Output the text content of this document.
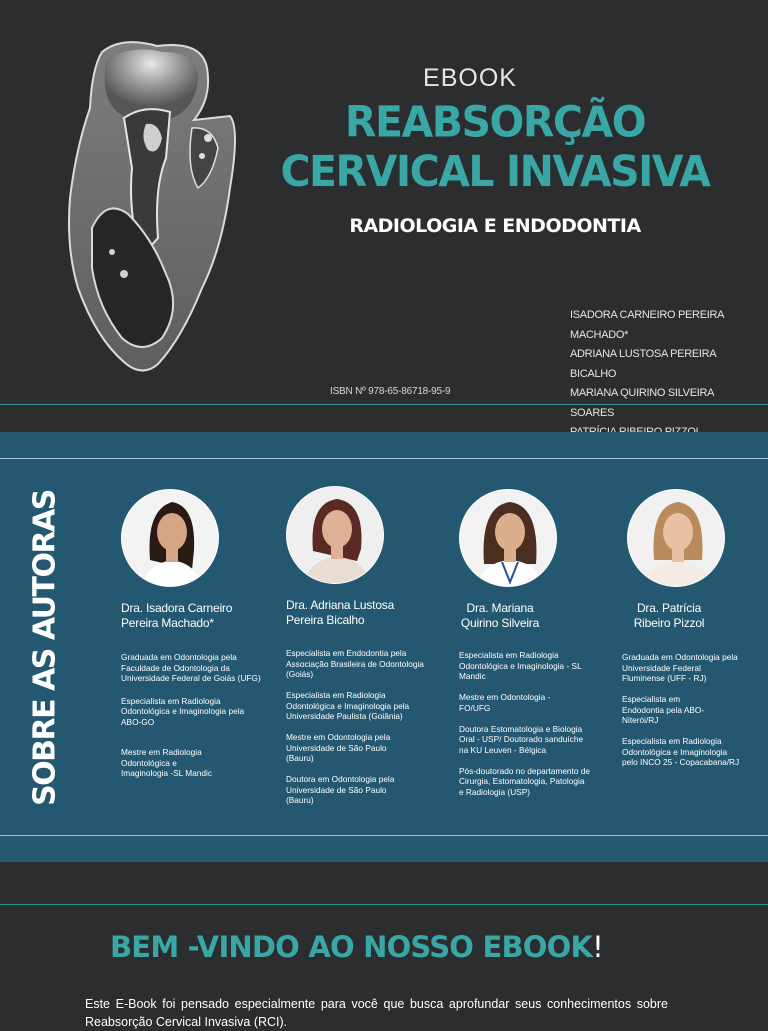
EBOOK
REABSORÇÃO
CERVICAL INVASIVA
RADIOLOGIA E ENDODONTIA
ISADORA CARNEIRO PEREIRA MACHADO*
ADRIANA LUSTOSA PEREIRA BICALHO
MARIANA QUIRINO SILVEIRA SOARES
ISBN Nº 978-65-86718-95-9
SOBRE AS AUTORAS	Dra. Isadora Carneiro
Pereira Machado*
Graduada em Odontologia pela Faculdade de Odontologia da Universidade Federal de Goiás (UFG)
Especialista em Radiologia Odontológica e Imaginologia pela ABO-GO
Mestre em Radiologia Odontológica e Imaginologia -SL Mandic
Dra. Adriana Lustosa
Pereira Bicalho
Especialista em Endodontia pela Associação Brasileira de Odontologia (Goiás)
Especialista em Radiologia Odontológica e Imaginologia pela Universidade Paulista (Goiânia)
Mestre em Odontologia pela Universidade de São Paulo (Bauru)
Doutora em Odontologia pela Universidade de São Paulo (Bauru)
Dra. Mariana
Quirino Silveira
Especialista em Radiologia Odontológica e Imaginologia - SL Mandic
Mestre em Odontologia - FO/UFG
Doutora Estomatologia e Biologia Oral - USP/ Doutorado sanduíche na KU Leuven - Bélgica
Pós-doutorado no departamento de Cirurgia, Estomatologia, Patologia e Radiologia (USP)
Dra. Patrícia
Ribeiro Pizzol
Graduada em Odontologia pela Universidade Federal Fluminense (UFF - RJ)
Especialista em Endodontia pela ABO-Niterói/RJ
Especialista em Radiologia Odontológica e Imaginologia pelo INCO 25 - Copacabana/RJ
BEM -VINDO AO NOSSO EBOOK!
Este E-Book foi pensado especialmente para você que busca aprofundar seus conhecimentos sobre Reabsorção Cervical Invasiva (RCI).
